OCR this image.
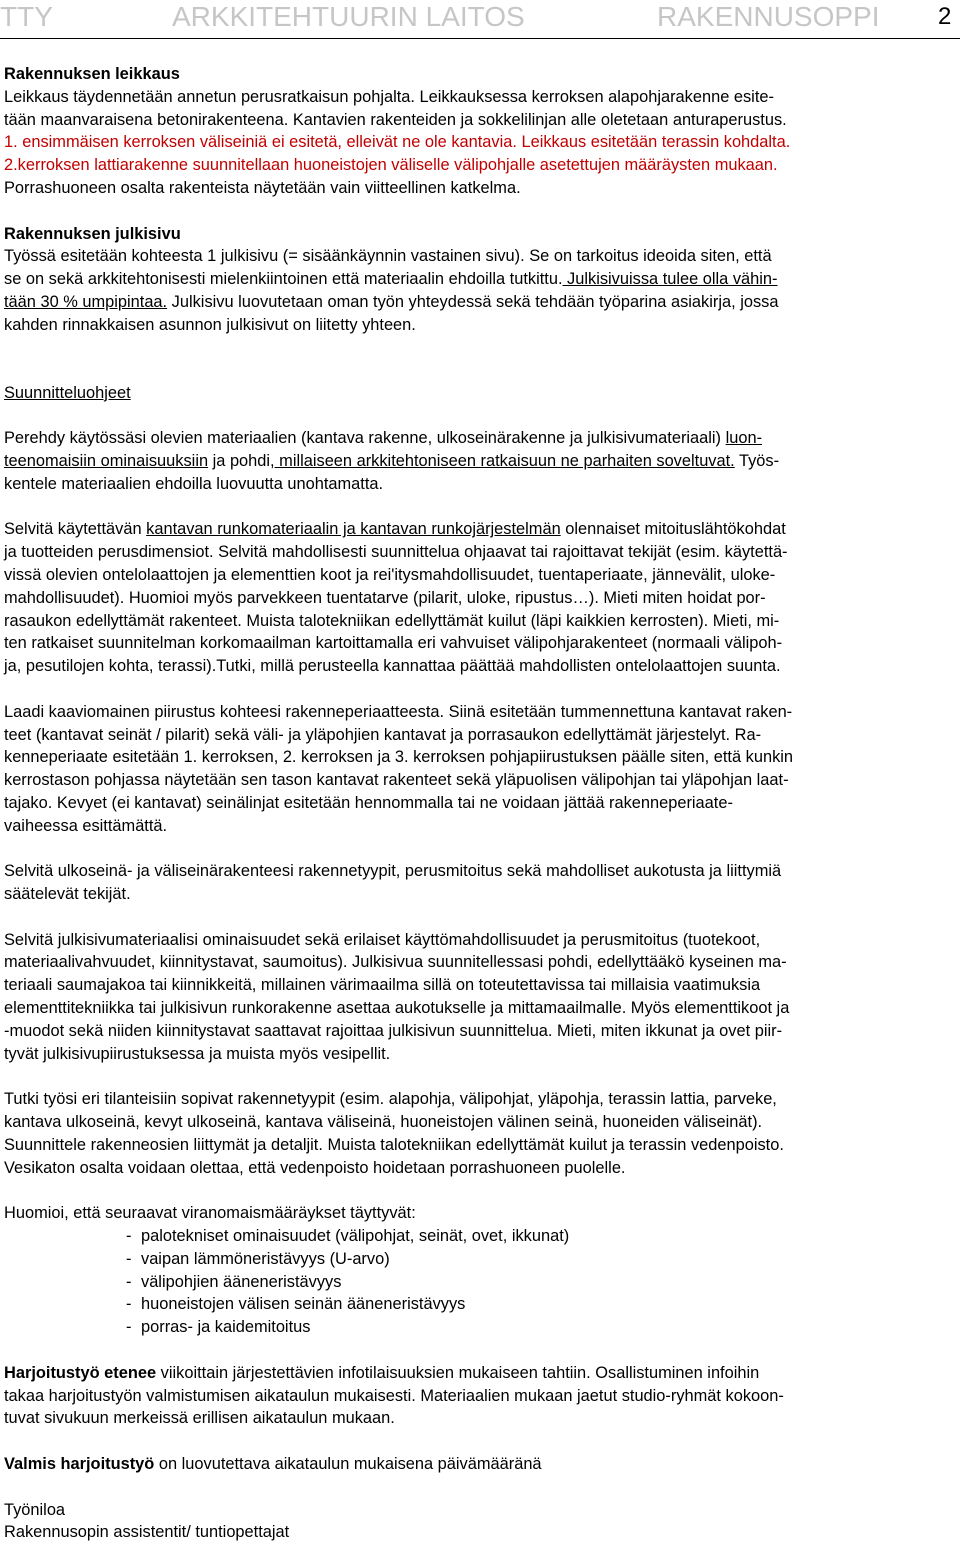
TTY	ARKKITEHTUURIN LAITOS	RAKENNUSOPPI 2

Rakennuksen leikkaus

Leikkaus täydennetään annetun perusratkaisun pohjalta. Leikkauksessa kerroksen alapohjarakenne esite-

tään maanvaraisena betonirakenteena. Kantavien rakenteiden ja sokkelilinjan alle oletetaan anturaperustus.

1. ensimmäisen kerroksen väliseiniä ei esitetä, elleivät ne ole kantavia. Leikkaus esitetään terassin kohdalta.

2.kerroksen lattiarakenne suunnitellaan huoneistojen väliselle välipohjalle asetettujen määräysten mukaan.

Porrashuoneen osalta rakenteista näytetään vain viitteellinen katkelma.

Rakennuksen julkisivu

Työssä esitetään kohteesta 1 julkisivu (= sisäänkäynnin vastainen sivu). Se on tarkoitus ideoida siten, että

se on sekä arkkitehtonisesti mielenkiintoinen että materiaalin ehdoilla tutkittu. Julkisivuissa tulee olla vähin-

tään 30 % umpipintaa. Julkisivu luovutetaan oman työn yhteydessä sekä tehdään työparina asiakirja, jossa

kahden rinnakkaisen asunnon julkisivut on liitetty yhteen.

Suunnitteluohjeet

Perehdy käytössäsi olevien materiaalien (kantava rakenne, ulkoseinärakenne ja julkisivumateriaali) luon-

teenomaisiin ominaisuuksiin ja pohdi, millaiseen arkkitehtoniseen ratkaisuun ne parhaiten soveltuvat. Työs-

kentele materiaalien ehdoilla luovuutta unohtamatta.

Selvitä käytettävän kantavan runkomateriaalin ja kantavan runkojärjestelmän olennaiset mitoituslähtökohdat

ja tuotteiden perusdimensiot. Selvitä mahdollisesti suunnittelua ohjaavat tai rajoittavat tekijät (esim. käytettä-

vissä olevien ontelolaattojen ja elementtien koot ja rei'itysmahdollisuudet, tuentaperiaate, jännevälit, uloke-

mahdollisuudet). Huomioi myös parvekkeen tuentatarve (pilarit, uloke, ripustus…). Mieti miten hoidat por-

rasaukon edellyttämät rakenteet. Muista talotekniikan edellyttämät kuilut (läpi kaikkien kerrosten). Mieti, mi-

ten ratkaiset suunnitelman korkomaailman kartoittamalla eri vahvuiset välipohjarakenteet (normaali välipoh-

ja, pesutilojen kohta, terassi).Tutki, millä perusteella kannattaa päättää mahdollisten ontelolaattojen suunta.

Laadi kaaviomainen piirustus kohteesi rakenneperiaatteesta. Siinä esitetään tummennettuna kantavat raken-

teet (kantavat seinät / pilarit) sekä väli- ja yläpohjien kantavat ja porrasaukon edellyttämät järjestelyt. Ra-

kenneperiaate esitetään 1. kerroksen, 2. kerroksen ja 3. kerroksen pohjapiirustuksen päälle siten, että kunkin

kerrostason pohjassa näytetään sen tason kantavat rakenteet sekä yläpuolisen välipohjan tai yläpohjan laat-

tajako. Kevyet (ei kantavat) seinälinjat esitetään hennommalla tai ne voidaan jättää rakenneperiaate-

vaiheessa esittämättä.

Selvitä ulkoseinä- ja väliseinärakenteesi rakennetyypit, perusmitoitus sekä mahdolliset aukotusta ja liittymiä

säätelevät tekijät.

Selvitä julkisivumateriaalisi ominaisuudet sekä erilaiset käyttömahdollisuudet ja perusmitoitus (tuotekoot,

materiaalivahvuudet, kiinnitystavat, saumoitus). Julkisivua suunnitellessasi pohdi, edellyttääkö kyseinen ma-

teriaali saumajakoa tai kiinnikkeitä, millainen värimaailma sillä on toteutettavissa tai millaisia vaatimuksia

elementtitekniikka tai julkisivun runkorakenne asettaa aukotukselle ja mittamaailmalle. Myös elementtikoot ja

-muodot sekä niiden kiinnitystavat saattavat rajoittaa julkisivun suunnittelua. Mieti, miten ikkunat ja ovet piir-

tyvät julkisivupiirustuksessa ja muista myös vesipellit.

Tutki työsi eri tilanteisiin sopivat rakennetyypit (esim. alapohja, välipohjat, yläpohja, terassin lattia, parveke,

kantava ulkoseinä, kevyt ulkoseinä, kantava väliseinä, huoneistojen välinen seinä, huoneiden väliseinät).

Suunnittele rakenneosien liittymät ja detaljit. Muista talotekniikan edellyttämät kuilut ja terassin vedenpoisto.

Vesikaton osalta voidaan olettaa, että vedenpoisto hoidetaan porrashuoneen puolelle.

Huomioi, että seuraavat viranomaismääräykset täyttyvät:

- palotekniset ominaisuudet (välipohjat, seinät, ovet, ikkunat)
- vaipan lämmöneristävyys (U-arvo)
- välipohjien ääneneristävyys
- huoneistojen välisen seinän ääneneristävyys
- porras- ja kaidemitoitus

Harjoitustyö etenee viikoittain järjestettävien infotilaisuuksien mukaiseen tahtiin. Osallistuminen infoihin

takaa harjoitustyön valmistumisen aikataulun mukaisesti. Materiaalien mukaan jaetut studio-ryhmät kokoon-

tuvat sivukuun merkeissä erillisen aikataulun mukaan.

Valmis harjoitustyö on luovutettava aikataulun mukaisena päivämääränä

Työniloa

Rakennusopin assistentit/ tuntiopettajat
